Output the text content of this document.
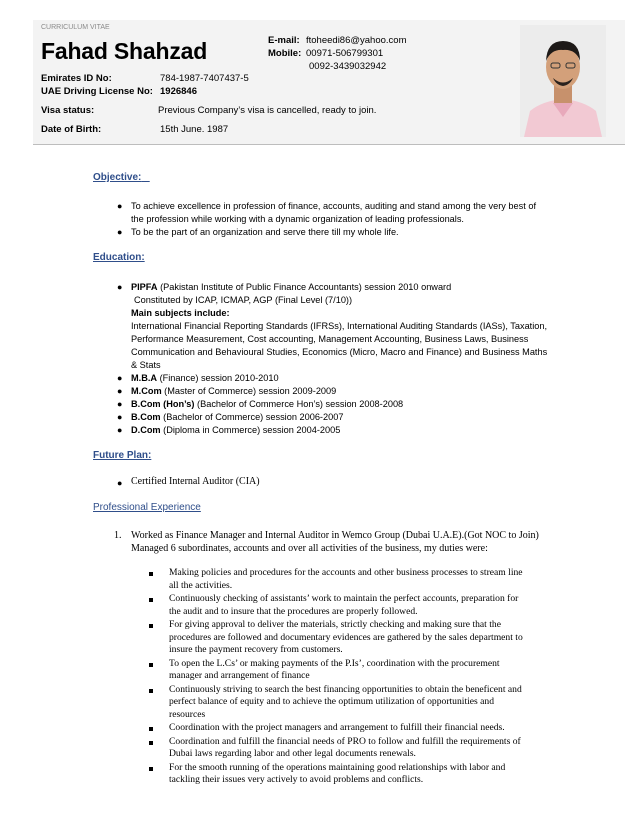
CURRICULUM VITAE
Fahad Shahzad	E-mail: ftoheedi86@yahoo.com
Mobile: 00971-506799301
0092-3439032942
Emirates ID No:	784-1987-7407437-5
UAE Driving License No: 1926846
Visa status:	Previous Company’s visa is cancelled, ready to join.
Date of Birth:	15th June. 1987
Objective:
● To achieve excellence in profession of finance, accounts, auditing and stand among the very best of
the profession while working with a dynamic organization of leading professionals.
● To be the part of an organization and serve there till my whole life.
Education:
● PIPFA (Pakistan Institute of Public Finance Accountants) session 2010 onward
Constituted by ICAP, ICMAP, AGP (Final Level (7/10))
Main subjects include:
International Financial Reporting Standards (IFRSs), International Auditing Standards (IASs), Taxation,
Performance Measurement, Cost accounting, Management Accounting, Business Laws, Business
Communication and Behavioural Studies, Economics (Micro, Macro and Finance) and Business Maths
& Stats
● M.B.A (Finance) session 2010-2010
● M.Com (Master of Commerce) session 2009-2009
● B.Com (Hon’s) (Bachelor of Commerce Hon’s) session 2008-2008
● B.Com (Bachelor of Commerce) session 2006-2007
● D.Com (Diploma in Commerce) session 2004-2005
Future Plan:
● Certified Internal Auditor (CIA)
Professional Experience
1. Worked as Finance Manager and Internal Auditor in Wemco Group (Dubai U.A.E).(Got NOC to Join)
Managed 6 subordinates, accounts and over all activities of the business, my duties were:
Making policies and procedures for the accounts and other business processes to stream line
all the activities.
Continuously checking of assistants’ work to maintain the perfect accounts, preparation for
the audit and to insure that the procedures are properly followed.
For giving approval to deliver the materials, strictly checking and making sure that the
procedures are followed and documentary evidences are gathered by the sales department to
insure the payment recovery from customers.
To open the L.Cs’ or making payments of the P.Is’, coordination with the procurement
manager and arrangement of finance
Continuously striving to search the best financing opportunities to obtain the beneficent and
perfect balance of equity and to achieve the optimum utilization of opportunities and
resources
Coordination with the project managers and arrangement to fulfill their financial needs.
Coordination and fulfill the financial needs of PRO to follow and fulfill the requirements of
Dubai laws regarding labor and other legal documents renewals.
For the smooth running of the operations maintaining good relationships with labor and
tackling their issues very actively to avoid problems and conflicts.
